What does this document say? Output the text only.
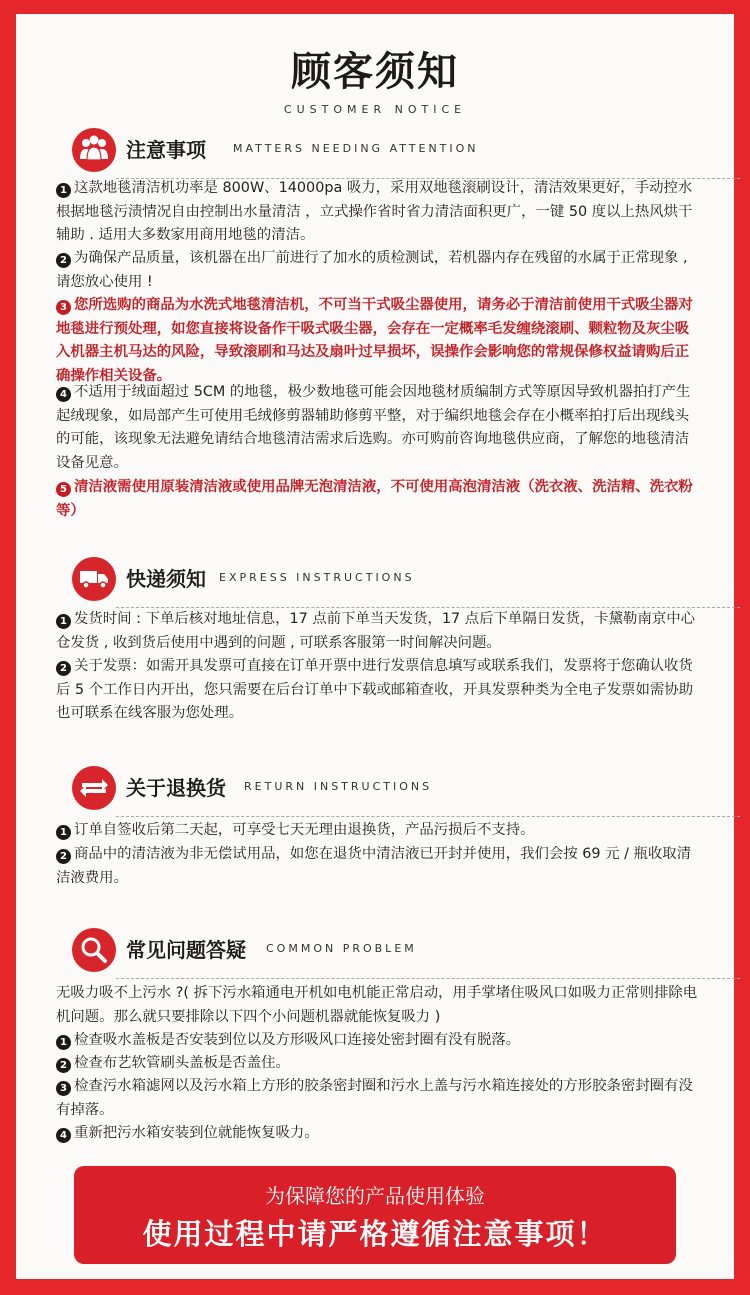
顾客须知
CUSTOMER NOTICE
注意事项 MATTERS NEEDING ATTENTION
1 这款地毯清洁机功率是 800W、14000pa 吸力，采用双地毯滚刷设计，清洁效果更好，手动控水根据地毯污渍情况自由控制出水量清洁 ，立式操作省时省力清洁面积更广，一键 50 度以上热风烘干辅助 . 适用大多数家用商用地毯的清洁。
2 为确保产品质量，该机器在出厂前进行了加水的质检测试，若机器内存在残留的水属于正常现象 , 请您放心使用 !
3 您所选购的商品为水洗式地毯清洁机，不可当干式吸尘器使用，请务必于清洁前使用干式吸尘器对地毯进行预处理，如您直接将设备作干吸式吸尘器，会存在一定概率毛发缠绕滚刷、颗粒物及灰尘吸入机器主机马达的风险，导致滚刷和马达及扇叶过早损坏，误操作会影响您的常规保修权益请购后正确操作相关设备。
4 不适用于绒面超过 5CM 的地毯，极少数地毯可能会因地毯材质编制方式等原因导致机器拍打产生起绒现象，如局部产生可使用毛绒修剪器辅助修剪平整，对于编织地毯会存在小概率拍打后出现线头的可能，该现象无法避免请结合地毯清洁需求后选购。亦可购前咨询地毯供应商，了解您的地毯清洁设备见意。
5 清洁液需使用原装清洁液或使用品牌无泡清洁液，不可使用高泡清洁液（洗衣液、洗洁精、洗衣粉等）
快递须知 EXPRESS INSTRUCTIONS
1 发货时间 : 下单后核对地址信息，17 点前下单当天发货，17 点后下单隔日发货，卡黛勒南京中心仓发货 , 收到货后使用中遇到的问题 , 可联系客服第一时间解决问题。
2 关于发票：如需开具发票可直接在订单开票中进行发票信息填写或联系我们，发票将于您确认收货后 5 个工作日内开出，您只需要在后台订单中下载或邮箱查收，开具发票种类为全电子发票如需协助也可联系在线客服为您处理。
关于退换货 RETURN INSTRUCTIONS
1 订单自签收后第二天起，可享受七天无理由退换货，产品污损后不支持。
2 商品中的清洁液为非无偿试用品，如您在退货中清洁液已开封并使用，我们会按 69 元 / 瓶收取清洁液费用。
常见问题答疑 COMMON PROBLEM
无吸力吸不上污水 ?( 拆下污水箱通电开机如电机能正常启动，用手掌堵住吸风口如吸力正常则排除电机问题。那么就只要排除以下四个小问题机器就能恢复吸力 )
1 检查吸水盖板是否安装到位以及方形吸风口连接处密封圈有没有脱落。
2 检查布艺软管刷头盖板是否盖住。
3 检查污水箱滤网以及污水箱上方形的胶条密封圈和污水上盖与污水箱连接处的方形胶条密封圈有没有掉落。
4 重新把污水箱安装到位就能恢复吸力。
为保障您的产品使用体验
使用过程中请严格遵循注意事项！
